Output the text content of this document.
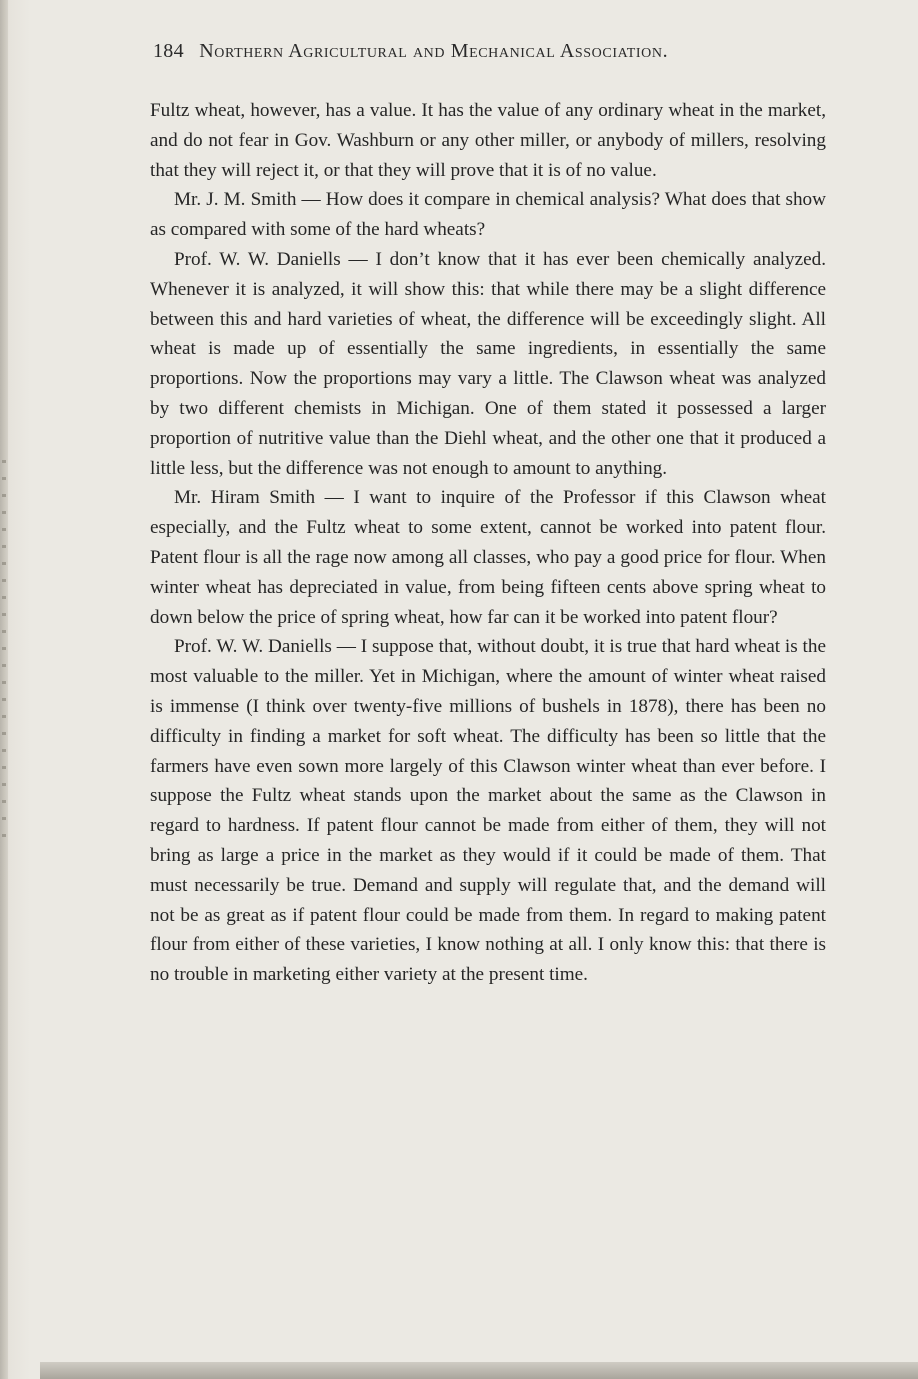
184 Northern Agricultural and Mechanical Association.

Fultz wheat, however, has a value. It has the value of any ordinary wheat in the market, and do not fear in Gov. Washburn or any other miller, or anybody of millers, resolving that they will reject it, or that they will prove that it is of no value.

Mr. J. M. Smith — How does it compare in chemical analysis? What does that show as compared with some of the hard wheats?

Prof. W. W. Daniells — I don’t know that it has ever been chemically analyzed. Whenever it is analyzed, it will show this: that while there may be a slight difference between this and hard varieties of wheat, the difference will be exceedingly slight. All wheat is made up of essentially the same ingredients, in essentially the same proportions. Now the proportions may vary a little. The Clawson wheat was analyzed by two different chemists in Michigan. One of them stated it possessed a larger proportion of nutritive value than the Diehl wheat, and the other one that it produced a little less, but the difference was not enough to amount to anything.

Mr. Hiram Smith — I want to inquire of the Professor if this Clawson wheat especially, and the Fultz wheat to some extent, cannot be worked into patent flour. Patent flour is all the rage now among all classes, who pay a good price for flour. When winter wheat has depreciated in value, from being fifteen cents above spring wheat to down below the price of spring wheat, how far can it be worked into patent flour?

Prof. W. W. Daniells — I suppose that, without doubt, it is true that hard wheat is the most valuable to the miller. Yet in Michigan, where the amount of winter wheat raised is immense (I think over twenty-five millions of bushels in 1878), there has been no difficulty in finding a market for soft wheat. The difficulty has been so little that the farmers have even sown more largely of this Clawson winter wheat than ever before. I suppose the Fultz wheat stands upon the market about the same as the Clawson in regard to hardness. If patent flour cannot be made from either of them, they will not bring as large a price in the market as they would if it could be made of them. That must necessarily be true. Demand and supply will regulate that, and the demand will not be as great as if patent flour could be made from them. In regard to making patent flour from either of these varieties, I know nothing at all. I only know this: that there is no trouble in marketing either variety at the present time.
